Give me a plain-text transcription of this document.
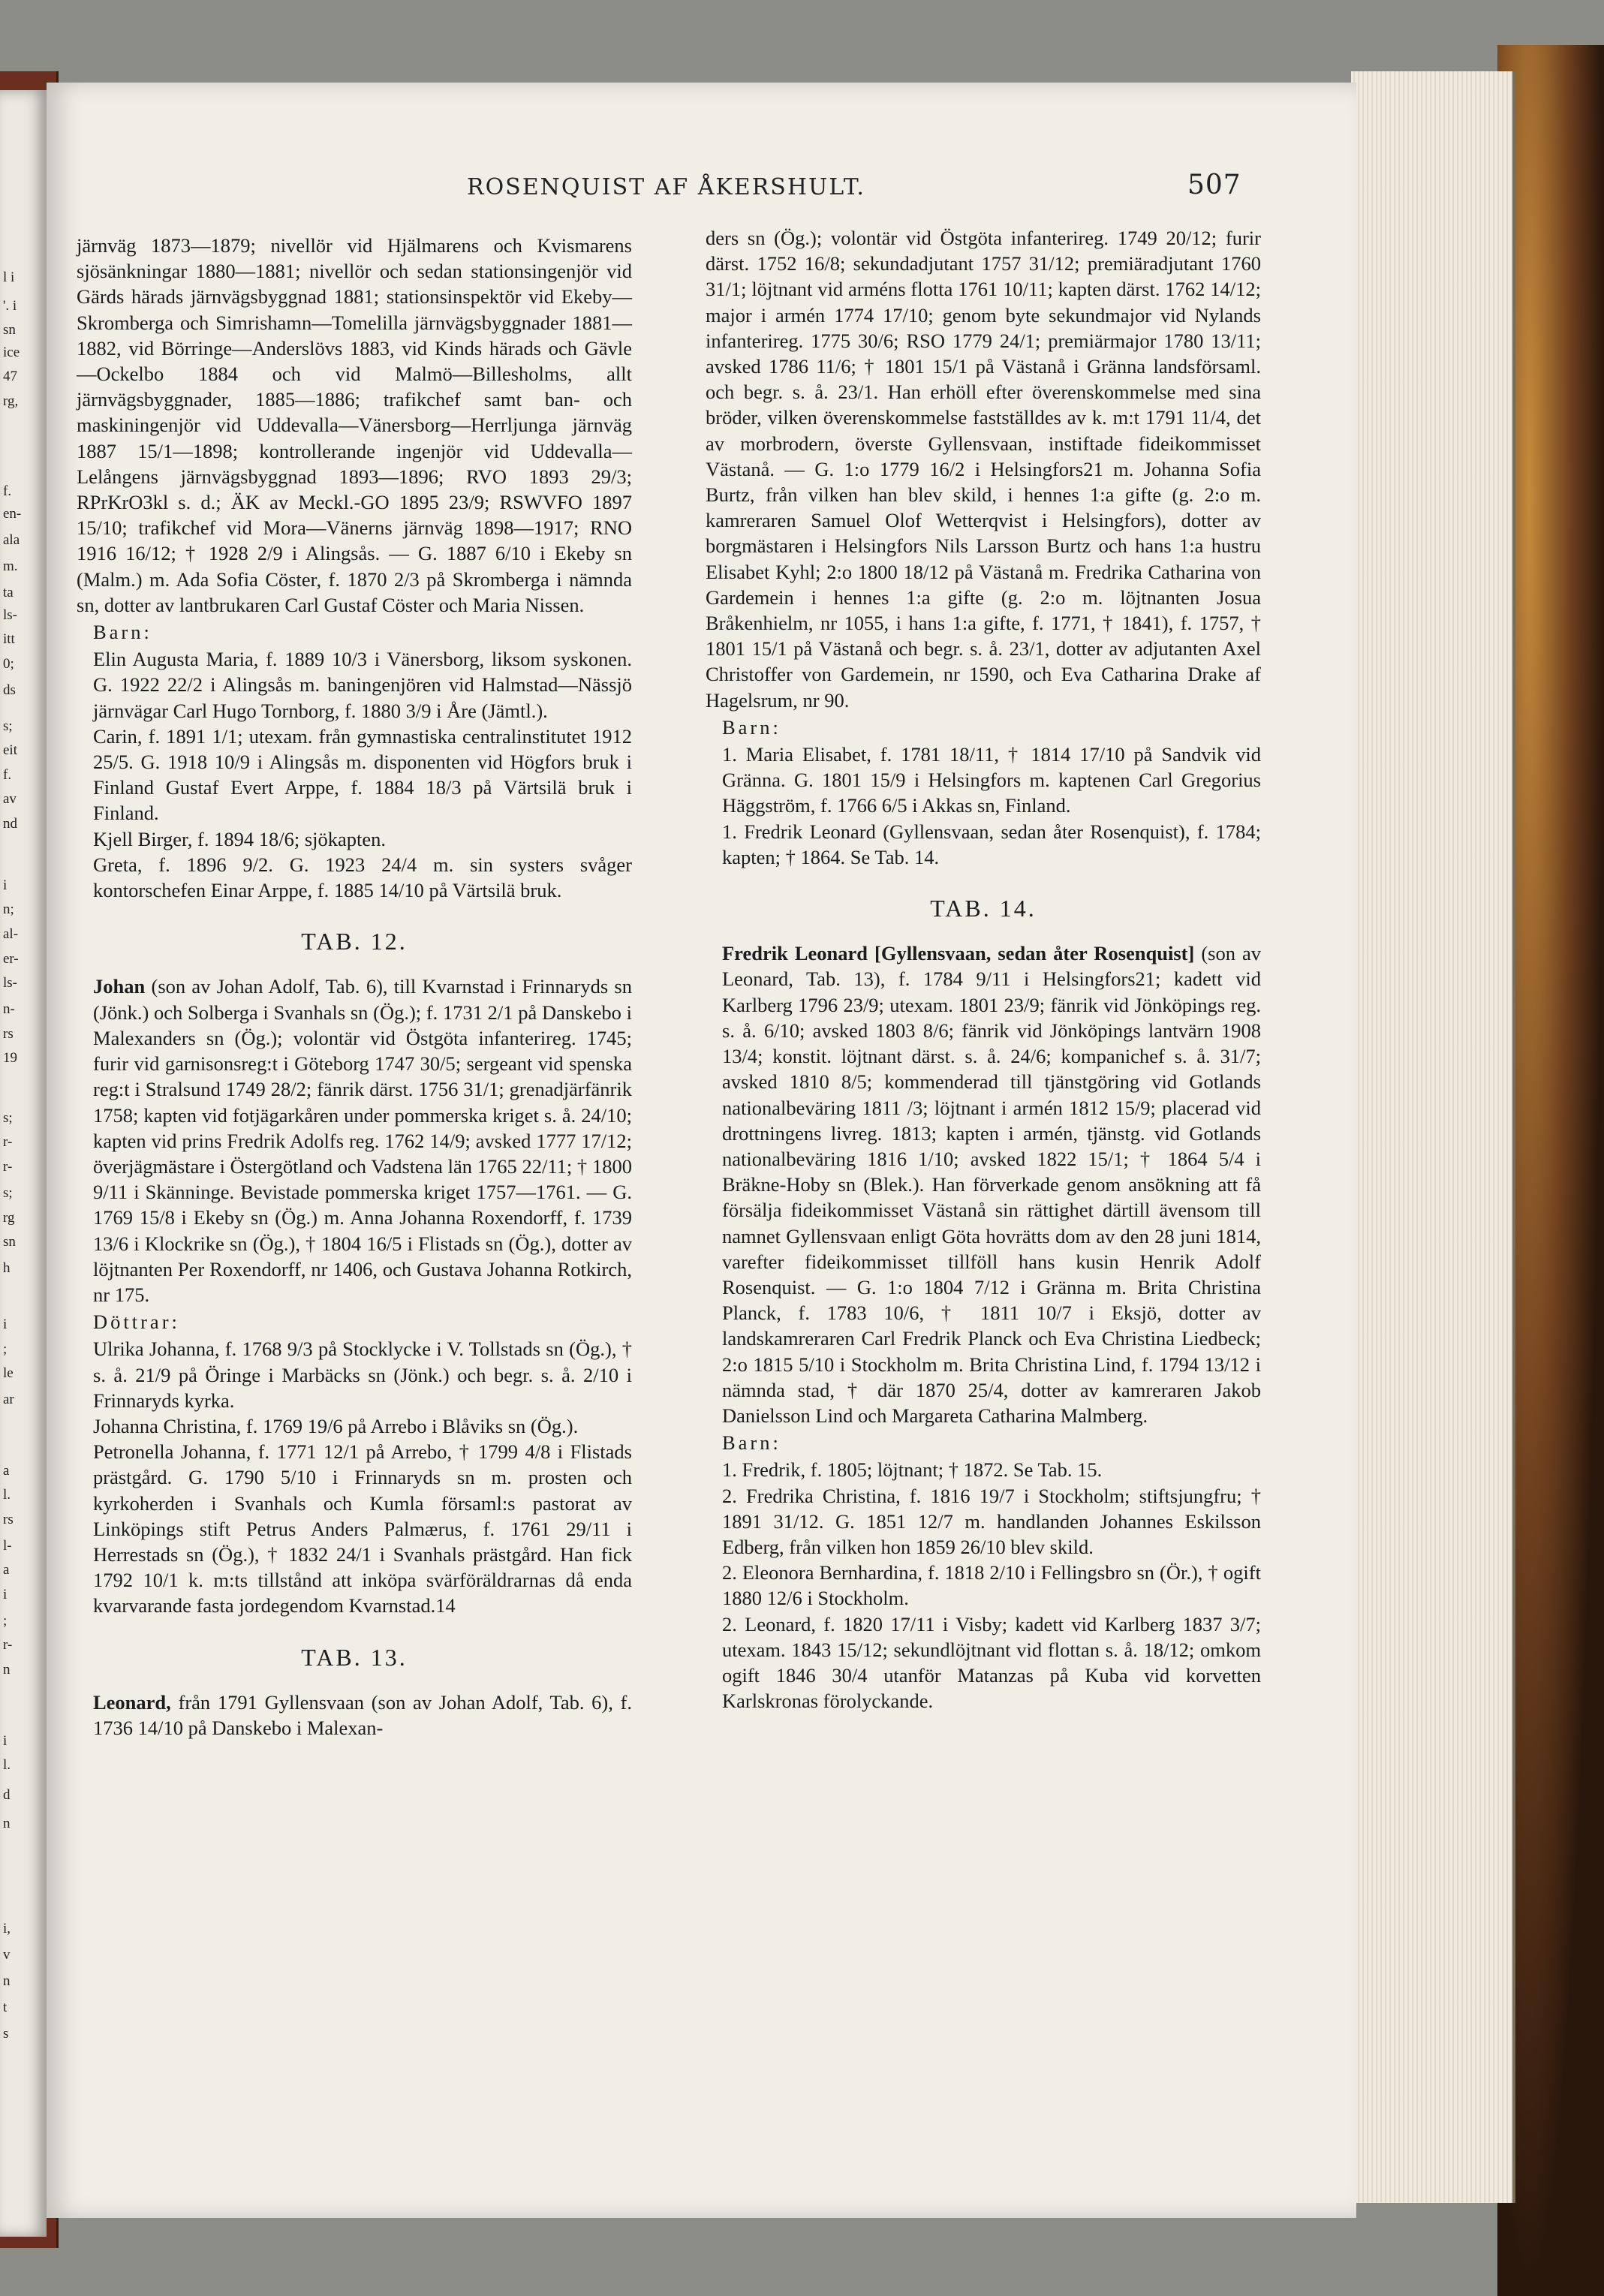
l i
'. i
sn
ice
47
rg,
f.
en-
ala
m.
ta
ls-
itt
0;
ds
s;
eit
f.
av
nd
i
n;
al-
er-
ls-
n-
rs
19
s;
r-
r-
s;
rg
sn
h
i
;
le
ar
a
l.
rs
l-
a
i
;
r-
n
i
l.
d
n
i,
v
n
t
s
ROSENQUIST AF ÅKERSHULT.	507

järnväg 1873—1879; nivellör vid Hjälmarens och Kvismarens sjösänkningar 1880—1881; nivellör och sedan stationsingenjör vid Gärds härads järnvägsbyggnad 1881; stationsinspektör vid Ekeby—Skromberga och Simrishamn—Tomelilla järnvägsbyggnader 1881—1882, vid Börringe—Anderslövs 1883, vid Kinds härads och Gävle—Ockelbo 1884 och vid Malmö—Billesholms, allt järnvägsbyggnader, 1885—1886; trafikchef samt ban- och maskiningenjör vid Uddevalla—Vänersborg—Herrljunga järnväg 1887 15/1—1898; kontrollerande ingenjör vid Uddevalla—Lelångens järnvägsbyggnad 1893—1896; RVO 1893 29/3; RPrKrO3kl s. d.; ÄK av Meckl.-GO 1895 23/9; RSWVFO 1897 15/10; trafikchef vid Mora—Vänerns järnväg 1898—1917; RNO 1916 16/12; † 1928 2/9 i Alingsås. — G. 1887 6/10 i Ekeby sn (Malm.) m. Ada Sofia Cöster, f. 1870 2/3 på Skromberga i nämnda sn, dotter av lantbrukaren Carl Gustaf Cöster och Maria Nissen.

Barn:

Elin Augusta Maria, f. 1889 10/3 i Vänersborg, liksom syskonen. G. 1922 22/2 i Alingsås m. baningenjören vid Halmstad—Nässjö järnvägar Carl Hugo Tornborg, f. 1880 3/9 i Åre (Jämtl.).

Carin, f. 1891 1/1; utexam. från gymnastiska centralinstitutet 1912 25/5. G. 1918 10/9 i Alingsås m. disponenten vid Högfors bruk i Finland Gustaf Evert Arppe, f. 1884 18/3 på Värtsilä bruk i Finland.

Kjell Birger, f. 1894 18/6; sjökapten.

Greta, f. 1896 9/2. G. 1923 24/4 m. sin systers svåger kontorschefen Einar Arppe, f. 1885 14/10 på Värtsilä bruk.

TAB. 12.

Johan (son av Johan Adolf, Tab. 6), till Kvarnstad i Frinnaryds sn (Jönk.) och Solberga i Svanhals sn (Ög.); f. 1731 2/1 på Danskebo i Malexanders sn (Ög.); volontär vid Östgöta infanterireg. 1745; furir vid garnisonsreg:t i Göteborg 1747 30/5; sergeant vid spenska reg:t i Stralsund 1749 28/2; fänrik därst. 1756 31/1; grenadjärfänrik 1758; kapten vid fotjägarkåren under pommerska kriget s. å. 24/10; kapten vid prins Fredrik Adolfs reg. 1762 14/9; avsked 1777 17/12; överjägmästare i Östergötland och Vadstena län 1765 22/11; † 1800 9/11 i Skänninge. Bevistade pommerska kriget 1757—1761. — G. 1769 15/8 i Ekeby sn (Ög.) m. Anna Johanna Roxendorff, f. 1739 13/6 i Klockrike sn (Ög.), † 1804 16/5 i Flistads sn (Ög.), dotter av löjtnanten Per Roxendorff, nr 1406, och Gustava Johanna Rotkirch, nr 175.

Döttrar:

Ulrika Johanna, f. 1768 9/3 på Stocklycke i V. Tollstads sn (Ög.), † s. å. 21/9 på Öringe i Marbäcks sn (Jönk.) och begr. s. å. 2/10 i Frinnaryds kyrka.

Johanna Christina, f. 1769 19/6 på Arrebo i Blåviks sn (Ög.).

Petronella Johanna, f. 1771 12/1 på Arrebo, † 1799 4/8 i Flistads prästgård. G. 1790 5/10 i Frinnaryds sn m. prosten och kyrkoherden i Svanhals och Kumla församl:s pastorat av Linköpings stift Petrus Anders Palmærus, f. 1761 29/11 i Herrestads sn (Ög.), † 1832 24/1 i Svanhals prästgård. Han fick 1792 10/1 k. m:ts tillstånd att inköpa svärföräldrarnas då enda kvarvarande fasta jordegendom Kvarnstad.14

TAB. 13.

Leonard, från 1791 Gyllensvaan (son av Johan Adolf, Tab. 6), f. 1736 14/10 på Danskebo i Malexan-

ders sn (Ög.); volontär vid Östgöta infanterireg. 1749 20/12; furir därst. 1752 16/8; sekundadjutant 1757 31/12; premiäradjutant 1760 31/1; löjtnant vid arméns flotta 1761 10/11; kapten därst. 1762 14/12; major i armén 1774 17/10; genom byte sekundmajor vid Nylands infanterireg. 1775 30/6; RSO 1779 24/1; premiärmajor 1780 13/11; avsked 1786 11/6; † 1801 15/1 på Västanå i Gränna landsförsaml. och begr. s. å. 23/1. Han erhöll efter överenskommelse med sina bröder, vilken överenskommelse fastställdes av k. m:t 1791 11/4, det av morbrodern, överste Gyllensvaan, instiftade fideikommisset Västanå. — G. 1:o 1779 16/2 i Helsingfors21 m. Johanna Sofia Burtz, från vilken han blev skild, i hennes 1:a gifte (g. 2:o m. kamreraren Samuel Olof Wetterqvist i Helsingfors), dotter av borgmästaren i Helsingfors Nils Larsson Burtz och hans 1:a hustru Elisabet Kyhl; 2:o 1800 18/12 på Västanå m. Fredrika Catharina von Gardemein i hennes 1:a gifte (g. 2:o m. löjtnanten Josua Bråkenhielm, nr 1055, i hans 1:a gifte, f. 1771, † 1841), f. 1757, † 1801 15/1 på Västanå och begr. s. å. 23/1, dotter av adjutanten Axel Christoffer von Gardemein, nr 1590, och Eva Catharina Drake af Hagelsrum, nr 90.

Barn:

1. Maria Elisabet, f. 1781 18/11, † 1814 17/10 på Sandvik vid Gränna. G. 1801 15/9 i Helsingfors m. kaptenen Carl Gregorius Häggström, f. 1766 6/5 i Akkas sn, Finland.

1. Fredrik Leonard (Gyllensvaan, sedan åter Rosenquist), f. 1784; kapten; † 1864. Se Tab. 14.

TAB. 14.

Fredrik Leonard [Gyllensvaan, sedan åter Rosenquist] (son av Leonard, Tab. 13), f. 1784 9/11 i Helsingfors21; kadett vid Karlberg 1796 23/9; utexam. 1801 23/9; fänrik vid Jönköpings reg. s. å. 6/10; avsked 1803 8/6; fänrik vid Jönköpings lantvärn 1908 13/4; konstit. löjtnant därst. s. å. 24/6; kompanichef s. å. 31/7; avsked 1810 8/5; kommenderad till tjänstgöring vid Gotlands nationalbeväring 1811 /3; löjtnant i armén 1812 15/9; placerad vid drottningens livreg. 1813; kapten i armén, tjänstg. vid Gotlands nationalbeväring 1816 1/10; avsked 1822 15/1; † 1864 5/4 i Bräkne-Hoby sn (Blek.). Han förverkade genom ansökning att få försälja fideikommisset Västanå sin rättighet därtill ävensom till namnet Gyllensvaan enligt Göta hovrätts dom av den 28 juni 1814, varefter fideikommisset tillföll hans kusin Henrik Adolf Rosenquist. — G. 1:o 1804 7/12 i Gränna m. Brita Christina Planck, f. 1783 10/6, † 1811 10/7 i Eksjö, dotter av landskamreraren Carl Fredrik Planck och Eva Christina Liedbeck; 2:o 1815 5/10 i Stockholm m. Brita Christina Lind, f. 1794 13/12 i nämnda stad, † där 1870 25/4, dotter av kamreraren Jakob Danielsson Lind och Margareta Catharina Malmberg.

Barn:

1. Fredrik, f. 1805; löjtnant; † 1872. Se Tab. 15.

2. Fredrika Christina, f. 1816 19/7 i Stockholm; stiftsjungfru; † 1891 31/12. G. 1851 12/7 m. handlanden Johannes Eskilsson Edberg, från vilken hon 1859 26/10 blev skild.

2. Eleonora Bernhardina, f. 1818 2/10 i Fellingsbro sn (Ör.), † ogift 1880 12/6 i Stockholm.

2. Leonard, f. 1820 17/11 i Visby; kadett vid Karlberg 1837 3/7; utexam. 1843 15/12; sekundlöjtnant vid flottan s. å. 18/12; omkom ogift 1846 30/4 utanför Matanzas på Kuba vid korvetten Karlskronas förolyckande.
